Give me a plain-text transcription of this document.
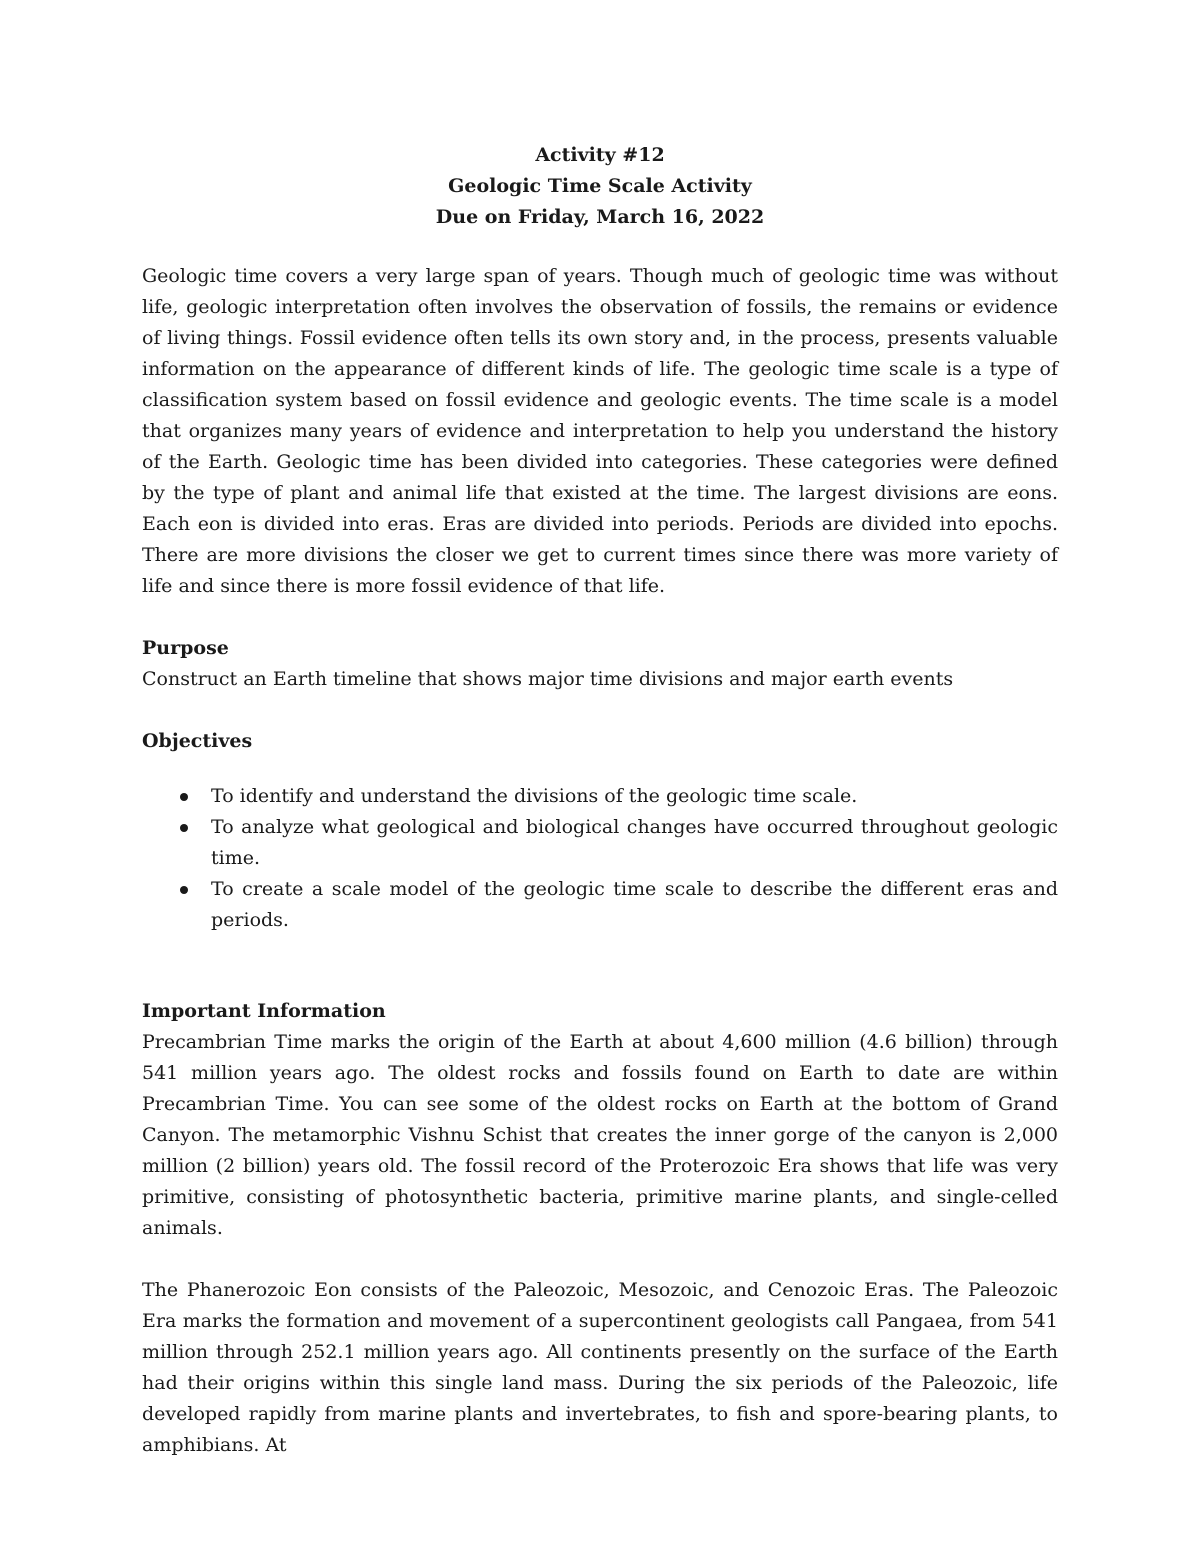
Activity #12
Geologic Time Scale Activity
Due on Friday, March 16, 2022

Geologic time covers a very large span of years. Though much of geologic time was without life, geologic interpretation often involves the observation of fossils, the remains or evidence of living things. Fossil evidence often tells its own story and, in the process, presents valuable information on the appearance of different kinds of life. The geologic time scale is a type of classification system based on fossil evidence and geologic events. The time scale is a model that organizes many years of evidence and interpretation to help you understand the history of the Earth. Geologic time has been divided into categories. These categories were defined by the type of plant and animal life that existed at the time. The largest divisions are eons. Each eon is divided into eras. Eras are divided into periods. Periods are divided into epochs. There are more divisions the closer we get to current times since there was more variety of life and since there is more fossil evidence of that life.

Purpose

Construct an Earth timeline that shows major time divisions and major earth events

Objectives

To identify and understand the divisions of the geologic time scale.
To analyze what geological and biological changes have occurred throughout geologic time.
To create a scale model of the geologic time scale to describe the different eras and periods.

Important Information

Precambrian Time marks the origin of the Earth at about 4,600 million (4.6 billion) through 541 million years ago. The oldest rocks and fossils found on Earth to date are within Precambrian Time. You can see some of the oldest rocks on Earth at the bottom of Grand Canyon. The metamorphic Vishnu Schist that creates the inner gorge of the canyon is 2,000 million (2 billion) years old. The fossil record of the Proterozoic Era shows that life was very primitive, consisting of photosynthetic bacteria, primitive marine plants, and single-celled animals.

The Phanerozoic Eon consists of the Paleozoic, Mesozoic, and Cenozoic Eras. The Paleozoic Era marks the formation and movement of a supercontinent geologists call Pangaea, from 541 million through 252.1 million years ago. All continents presently on the surface of the Earth had their origins within this single land mass. During the six periods of the Paleozoic, life developed rapidly from marine plants and invertebrates, to fish and spore-bearing plants, to amphibians. At
